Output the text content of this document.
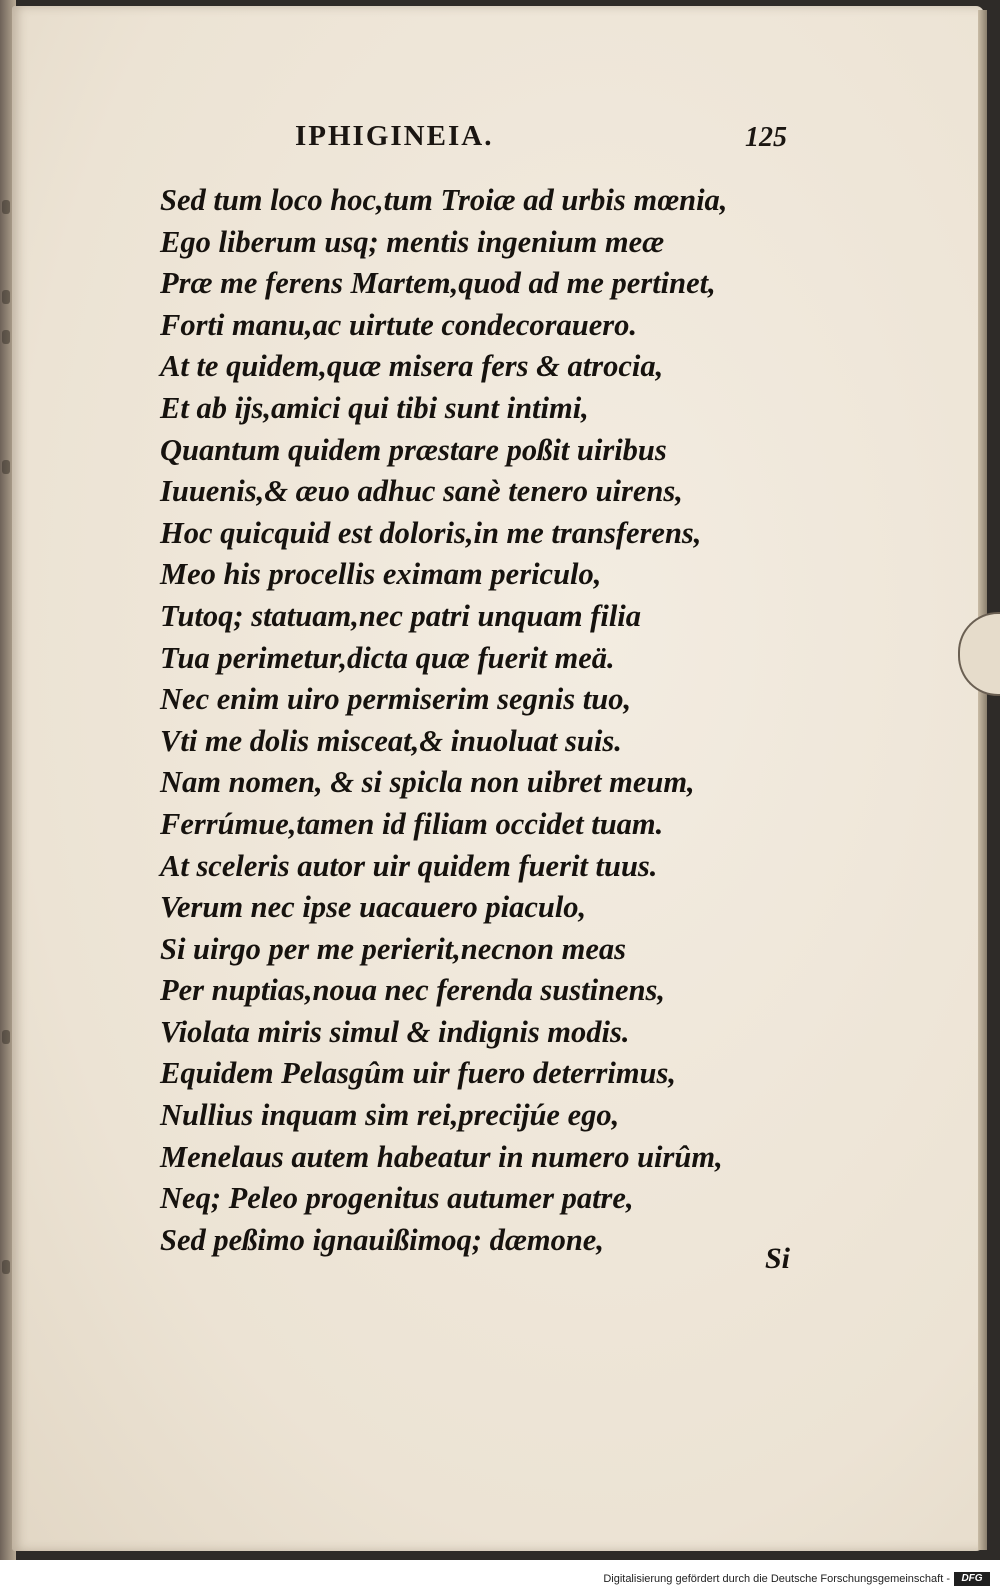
IPHIGINEIA.	125
Sed tum loco hoc,tum Troiæ ad urbis mœnia,
Ego liberum usq; mentis ingenium meæ
Præ me ferens Martem,quod ad me pertinet,
Forti manu,ac uirtute condecorauero.
At te quidem,quæ misera fers & atrocia,
Et ab ijs,amici qui tibi sunt intimi,
Quantum quidem præstare poßit uiribus
Iuuenis,& æuo adhuc sanè tenero uirens,
Hoc quicquid est doloris,in me transferens,
Meo his procellis eximam periculo,
Tutoq; statuam,nec patri unquam filia
Tua perimetur,dicta quæ fuerit meä.
Nec enim uiro permiserim segnis tuo,
Vti me dolis misceat,& inuoluat suis.
Nam nomen, & si spicla non uibret meum,
Ferrúmue,tamen id filiam occidet tuam.
At sceleris autor uir quidem fuerit tuus.
Verum nec ipse uacauero piaculo,
Si uirgo per me perierit,necnon meas
Per nuptias,noua nec ferenda sustinens,
Violata miris simul & indignis modis.
Equidem Pelasgûm uir fuero deterrimus,
Nullius inquam sim rei,precijúe ego,
Menelaus autem habeatur in numero uirûm,
Neq; Peleo progenitus autumer patre,
Sed peßimo ignauißimoq; dæmone,
Si
Digitalisierung gefördert durch die Deutsche Forschungsgemeinschaft -	DFG
